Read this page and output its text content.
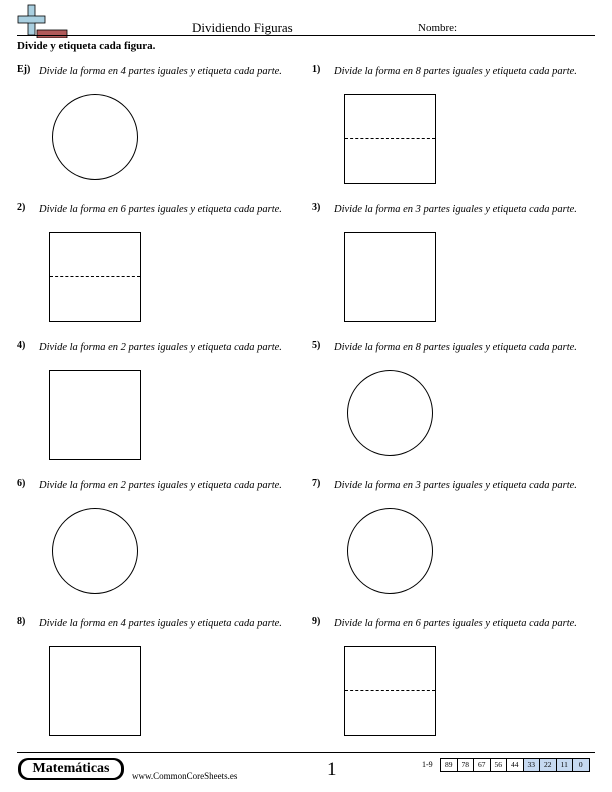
Dividiendo Figuras	Nombre:
Divide y etiqueta cada figura.
Ej) Divide la forma en 4 partes iguales y etiqueta cada parte.	1) Divide la forma en 8 partes iguales y etiqueta cada parte.
2) Divide la forma en 6 partes iguales y etiqueta cada parte.	3) Divide la forma en 3 partes iguales y etiqueta cada parte.
4) Divide la forma en 2 partes iguales y etiqueta cada parte.	5) Divide la forma en 8 partes iguales y etiqueta cada parte.
6) Divide la forma en 2 partes iguales y etiqueta cada parte.	7) Divide la forma en 3 partes iguales y etiqueta cada parte.
8) Divide la forma en 4 partes iguales y etiqueta cada parte.	9) Divide la forma en 6 partes iguales y etiqueta cada parte.
Matemáticas	www.CommonCoreSheets.es	1	1-9	89	78	67	56	44	33	22	11	0
